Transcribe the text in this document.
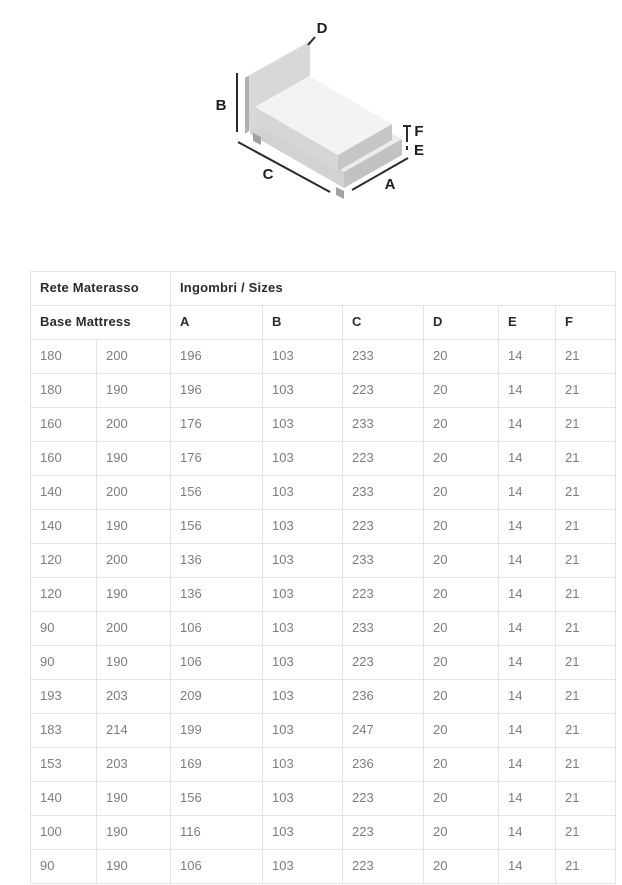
D
B
C
A
F
E
Rete Materasso		Ingombri / Sizes					
Base Mattress		A	B	C	D	E	F
180	200	196	103	233	20	14	21
180	190	196	103	223	20	14	21
160	200	176	103	233	20	14	21
160	190	176	103	223	20	14	21
140	200	156	103	233	20	14	21
140	190	156	103	223	20	14	21
120	200	136	103	233	20	14	21
120	190	136	103	223	20	14	21
90	200	106	103	233	20	14	21
90	190	106	103	223	20	14	21
193	203	209	103	236	20	14	21
183	214	199	103	247	20	14	21
153	203	169	103	236	20	14	21
140	190	156	103	223	20	14	21
100	190	116	103	223	20	14	21
90	190	106	103	223	20	14	21
